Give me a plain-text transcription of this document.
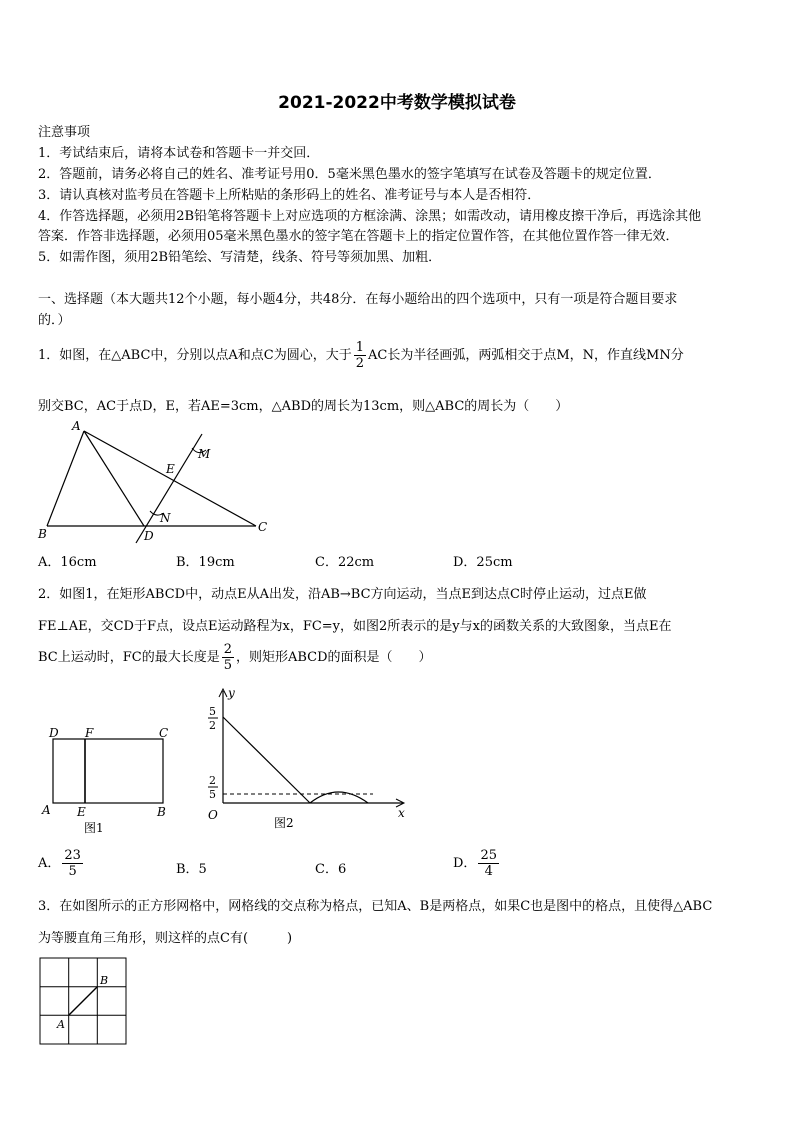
2021-2022中考数学模拟试卷
注意事项
1．考试结束后，请将本试卷和答题卡一并交回．
2．答题前，请务必将自己的姓名、准考证号用0．5毫米黑色墨水的签字笔填写在试卷及答题卡的规定位置．
3．请认真核对监考员在答题卡上所粘贴的条形码上的姓名、准考证号与本人是否相符．
4．作答选择题，必须用2B铅笔将答题卡上对应选项的方框涂满、涂黑；如需改动，请用橡皮擦干净后，再选涂其他
答案．作答非选择题，必须用05毫米黑色墨水的签字笔在答题卡上的指定位置作答，在其他位置作答一律无效．
5．如需作图，须用2B铅笔绘、写清楚，线条、符号等须加黑、加粗．
一、选择题（本大题共12个小题，每小题4分，共48分．在每小题给出的四个选项中，只有一项是符合题目要求
的．）
1．如图，在△ABC中，分别以点A和点C为圆心，大于 $\frac{1}{2}$ AC长为半径画弧，两弧相交于点M，N，作直线MN分
别交BC，AC于点D，E，若AE=3cm，△ABD的周长为13cm，则△ABC的周长为（　　）
A
B	C
D
E
M
N
A．16cm	B．19cm	C．22cm	D．25cm
2．如图1，在矩形ABCD中，动点E从A出发，沿AB→BC方向运动，当点E到达点C时停止运动，过点E做
FE⊥AE，交CD于F点，设点E运动路程为x，FC=y，如图2所表示的是y与x的函数关系的大致图象，当点E在
BC上运动时，FC的最大长度是 $\frac{2}{5}$ ，则矩形ABCD的面积是（　　）
D F	C
A E	B
图1
y
x
O
5
2
2
5
图2
A． $\frac{23}{5}$	B．5	C．6	D． $\frac{25}{4}$
3．在如图所示的正方形网格中，网格线的交点称为格点，已知A、B是两格点，如果C也是图中的格点，且使得△ABC
为等腰直角三角形，则这样的点C有(　　　)
A
B
